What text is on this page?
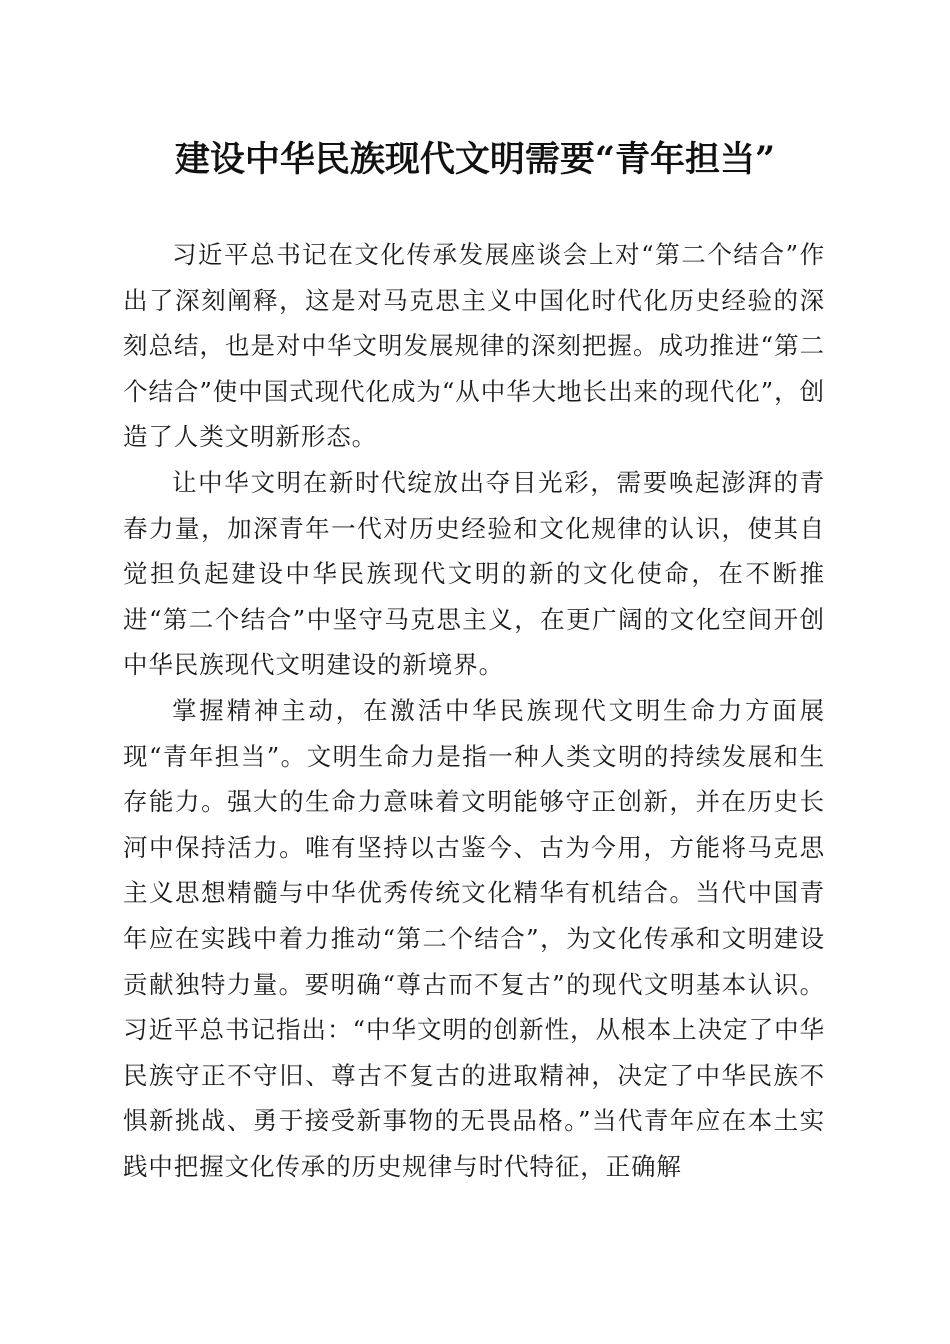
建设中华民族现代文明需要“青年担当”

习近平总书记在文化传承发展座谈会上对“第二个结合”作出了深刻阐释，这是对马克思主义中国化时代化历史经验的深刻总结，也是对中华文明发展规律的深刻把握。成功推进“第二个结合”使中国式现代化成为“从中华大地长出来的现代化”，创造了人类文明新形态。

让中华文明在新时代绽放出夺目光彩，需要唤起澎湃的青春力量，加深青年一代对历史经验和文化规律的认识，使其自觉担负起建设中华民族现代文明的新的文化使命，在不断推进“第二个结合”中坚守马克思主义，在更广阔的文化空间开创中华民族现代文明建设的新境界。

掌握精神主动，在激活中华民族现代文明生命力方面展现“青年担当”。文明生命力是指一种人类文明的持续发展和生存能力。强大的生命力意味着文明能够守正创新，并在历史长河中保持活力。唯有坚持以古鉴今、古为今用，方能将马克思主义思想精髓与中华优秀传统文化精华有机结合。当代中国青年应在实践中着力推动“第二个结合”，为文化传承和文明建设贡献独特力量。要明确“尊古而不复古”的现代文明基本认识。习近平总书记指出：“中华文明的创新性，从根本上决定了中华民族守正不守旧、尊古不复古的进取精神，决定了中华民族不惧新挑战、勇于接受新事物的无畏品格。”当代青年应在本土实践中把握文化传承的历史规律与时代特征，正确解
